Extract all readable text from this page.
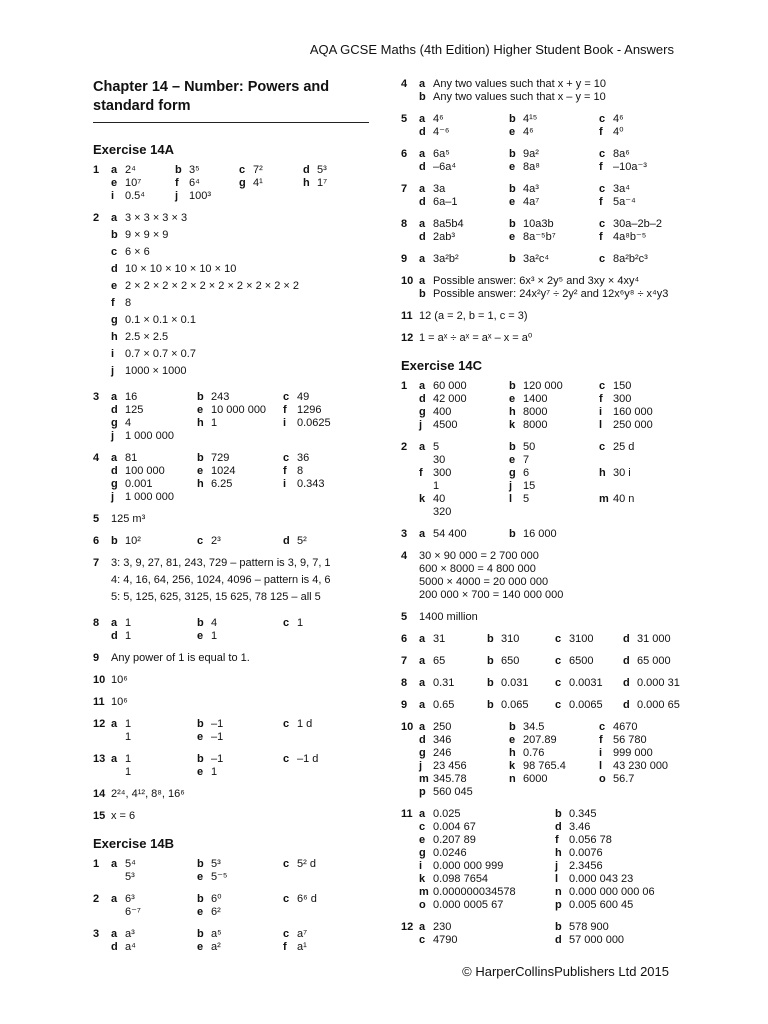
AQA GCSE Maths (4th Edition) Higher Student Book - Answers
Chapter 14 – Number: Powers and standard form
Exercise 14A
1	a 2⁴	b 3⁵	c 7²	d 5³
e 10⁷	f 6⁴	g 4¹	h 1⁷
i 0.5⁴	j 100³
2	a 3 × 3 × 3 × 3
b 9 × 9 × 9
c 6 × 6
d 10 × 10 × 10 × 10 × 10
e 2 × 2 × 2 × 2 × 2 × 2 × 2 × 2 × 2 × 2
f 8
g 0.1 × 0.1 × 0.1
h 2.5 × 2.5
i 0.7 × 0.7 × 0.7
j 1000 × 1000
3	a 16	b 243	c 49
d 125	e 10 000 000	f 1296
g 4	h 1	i 0.0625
j 1 000 000
4	a 81	b 729	c 36
d 100 000	e 1024	f 8
g 0.001	h 6.25	i 0.343
j 1 000 000
5	125 m³
6	b 10²	c 2³	d 5²
7	3: 3, 9, 27, 81, 243, 729 – pattern is 3, 9, 7, 1
4: 4, 16, 64, 256, 1024, 4096 – pattern is 4, 6
5: 5, 125, 625, 3125, 15 625, 78 125 – all 5
8	a 1	b 4	c 1
d 1	e 1
9	Any power of 1 is equal to 1.
10 10⁶
11 10⁶
12 a 1	b –1	c 1 d
1	e –1
13 a 1	b –1	c –1 d
1	e 1
14 2²⁴, 4¹², 8⁸, 16⁶
15 x = 6
Exercise 14B
1	a 5⁴	b 5³	c 5² d
5³	e 5⁻⁵
2	a 6³	b 6⁰	c 6⁶ d
6⁻⁷	e 6²
3	a a³	b a⁵	c a⁷
d a⁴	e a²	f a¹
4	a Any two values such that x + y = 10
b Any two values such that x – y = 10
5	a 4⁶	b 4¹⁵	c 4⁶
d 4⁻⁶	e 4⁶	f 4⁰
6	a 6a⁵	b 9a²	c 8a⁶
d –6a⁴	e 8a⁸	f –10a⁻³
7	a 3a	b 4a³	c 3a⁴
d 6a–1	e 4a⁷	f 5a⁻⁴
8	a 8a5b4	b 10a3b	c 30a–2b–2
d 2ab³	e 8a⁻⁵b⁷	f 4a⁸b⁻⁵
9	a 3a²b²	b 3a²c⁴	c 8a²b²c³
10 a Possible answer: 6x³ × 2y⁵ and 3xy × 4xy⁴
b Possible answer: 24x²y⁷ ÷ 2y² and 12x⁶y⁸ ÷ x⁴y3
11 12 (a = 2, b = 1, c = 3)
12 1 = aˣ ÷ aˣ = aˣ – x = a⁰
Exercise 14C
1	a 60 000	b 120 000	c 150
d 42 000	e 1400	f 300
g 400	h 8000	i 160 000
j 4500	k 8000	l 250 000
2	a 5	b 50	c 25 d
30	e 7
f 300	g 6	h 30 i
1	j 15
k 40	l 5	m 40 n
320
3	a 54 400	b 16 000
4	30 × 90 000 = 2 700 000
600 × 8000 = 4 800 000
5000 × 4000 = 20 000 000
200 000 × 700 = 140 000 000
5	1400 million
6	a 31	b 310	c 3100	d 31 000
7	a 65	b 650	c 6500	d 65 000
8	a 0.31	b 0.031	c 0.0031	d 0.000 31
9	a 0.65	b 0.065	c 0.0065	d 0.000 65
10 a 250	b 34.5	c 4670
d 346	e 207.89	f 56 780
g 246	h 0.76	i 999 000
j 23 456	k 98 765.4	l 43 230 000
m 345.78	n 6000	o 56.7
p 560 045
11 a 0.025	b 0.345
c 0.004 67	d 3.46
e 0.207 89	f 0.056 78
g 0.0246	h 0.0076
i 0.000 000 999	j 2.3456
k 0.098 7654	l 0.000 043 23
m 0.000000034578	n 0.000 000 000 06
o 0.000 0005 67	p 0.005 600 45
12 a 230	b 578 900
c 4790	d 57 000 000
© HarperCollinsPublishers Ltd 2015
